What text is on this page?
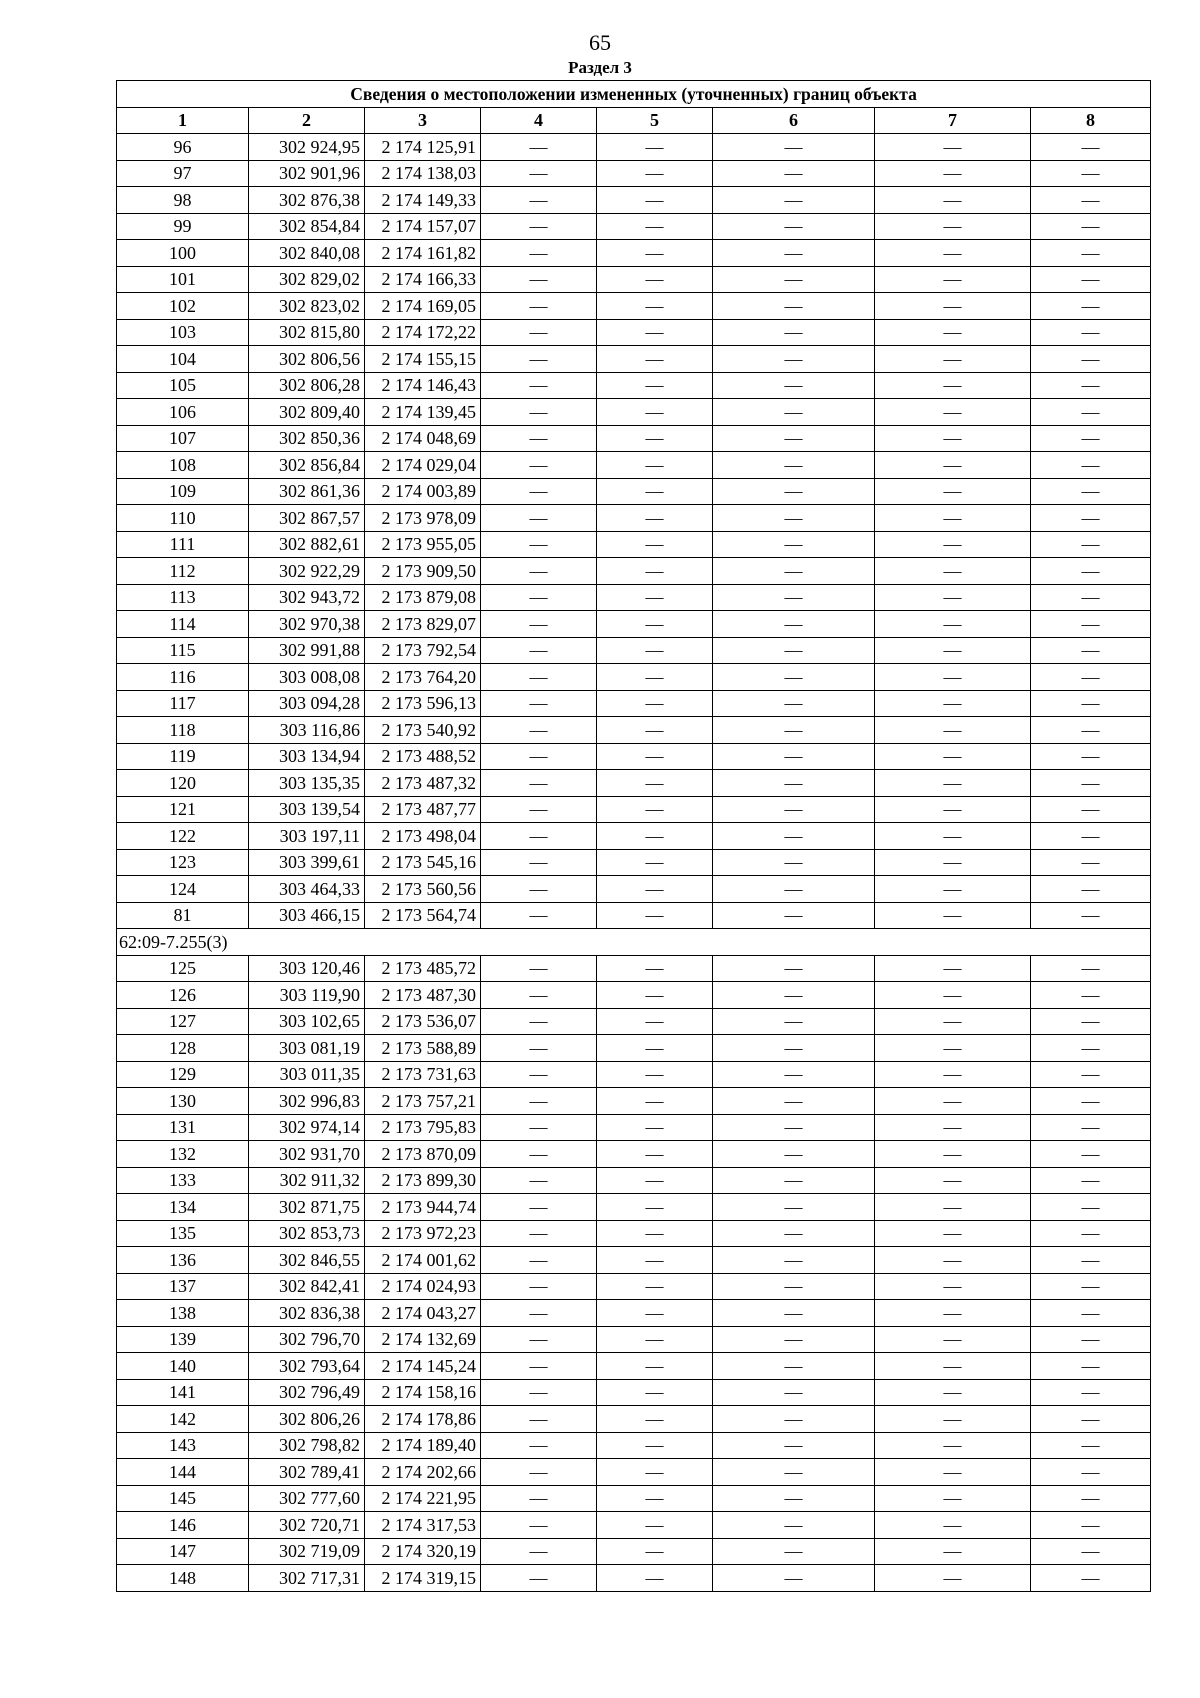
65
Раздел 3
Сведения о местоположении измененных (уточненных) границ объекта							
1	2	3	4	5	6	7	8
96	302 924,95	2 174 125,91	—	—	—	—	—
97	302 901,96	2 174 138,03	—	—	—	—	—
98	302 876,38	2 174 149,33	—	—	—	—	—
99	302 854,84	2 174 157,07	—	—	—	—	—
100	302 840,08	2 174 161,82	—	—	—	—	—
101	302 829,02	2 174 166,33	—	—	—	—	—
102	302 823,02	2 174 169,05	—	—	—	—	—
103	302 815,80	2 174 172,22	—	—	—	—	—
104	302 806,56	2 174 155,15	—	—	—	—	—
105	302 806,28	2 174 146,43	—	—	—	—	—
106	302 809,40	2 174 139,45	—	—	—	—	—
107	302 850,36	2 174 048,69	—	—	—	—	—
108	302 856,84	2 174 029,04	—	—	—	—	—
109	302 861,36	2 174 003,89	—	—	—	—	—
110	302 867,57	2 173 978,09	—	—	—	—	—
111	302 882,61	2 173 955,05	—	—	—	—	—
112	302 922,29	2 173 909,50	—	—	—	—	—
113	302 943,72	2 173 879,08	—	—	—	—	—
114	302 970,38	2 173 829,07	—	—	—	—	—
115	302 991,88	2 173 792,54	—	—	—	—	—
116	303 008,08	2 173 764,20	—	—	—	—	—
117	303 094,28	2 173 596,13	—	—	—	—	—
118	303 116,86	2 173 540,92	—	—	—	—	—
119	303 134,94	2 173 488,52	—	—	—	—	—
120	303 135,35	2 173 487,32	—	—	—	—	—
121	303 139,54	2 173 487,77	—	—	—	—	—
122	303 197,11	2 173 498,04	—	—	—	—	—
123	303 399,61	2 173 545,16	—	—	—	—	—
124	303 464,33	2 173 560,56	—	—	—	—	—
81	303 466,15	2 173 564,74	—	—	—	—	—
62:09-7.255(3)							
125	303 120,46	2 173 485,72	—	—	—	—	—
126	303 119,90	2 173 487,30	—	—	—	—	—
127	303 102,65	2 173 536,07	—	—	—	—	—
128	303 081,19	2 173 588,89	—	—	—	—	—
129	303 011,35	2 173 731,63	—	—	—	—	—
130	302 996,83	2 173 757,21	—	—	—	—	—
131	302 974,14	2 173 795,83	—	—	—	—	—
132	302 931,70	2 173 870,09	—	—	—	—	—
133	302 911,32	2 173 899,30	—	—	—	—	—
134	302 871,75	2 173 944,74	—	—	—	—	—
135	302 853,73	2 173 972,23	—	—	—	—	—
136	302 846,55	2 174 001,62	—	—	—	—	—
137	302 842,41	2 174 024,93	—	—	—	—	—
138	302 836,38	2 174 043,27	—	—	—	—	—
139	302 796,70	2 174 132,69	—	—	—	—	—
140	302 793,64	2 174 145,24	—	—	—	—	—
141	302 796,49	2 174 158,16	—	—	—	—	—
142	302 806,26	2 174 178,86	—	—	—	—	—
143	302 798,82	2 174 189,40	—	—	—	—	—
144	302 789,41	2 174 202,66	—	—	—	—	—
145	302 777,60	2 174 221,95	—	—	—	—	—
146	302 720,71	2 174 317,53	—	—	—	—	—
147	302 719,09	2 174 320,19	—	—	—	—	—
148	302 717,31	2 174 319,15	—	—	—	—	—
